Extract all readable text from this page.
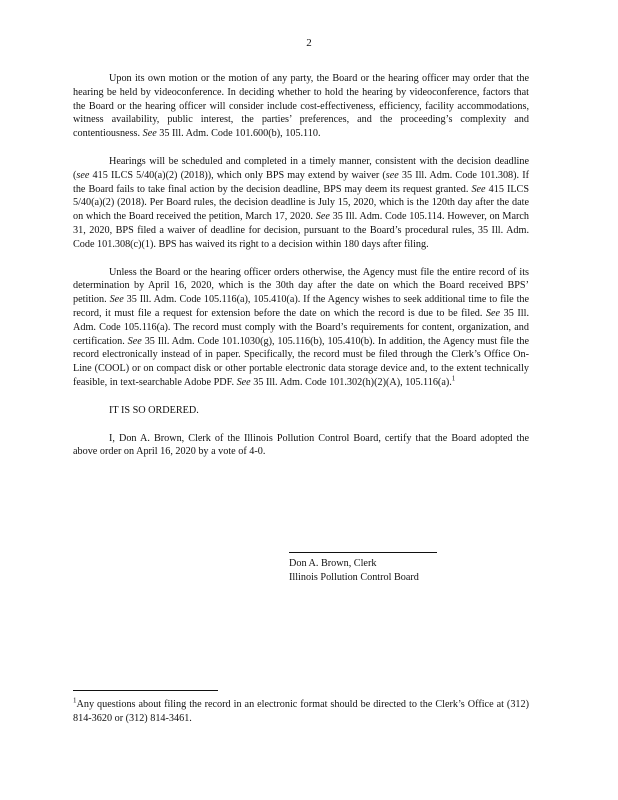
2

Upon its own motion or the motion of any party, the Board or the hearing officer may order that the hearing be held by videoconference. In deciding whether to hold the hearing by videoconference, factors that the Board or the hearing officer will consider include cost-effectiveness, efficiency, facility accommodations, witness availability, public interest, the parties’ preferences, and the proceeding’s complexity and contentiousness. See 35 Ill. Adm. Code 101.600(b), 105.110.

Hearings will be scheduled and completed in a timely manner, consistent with the decision deadline (see 415 ILCS 5/40(a)(2) (2018)), which only BPS may extend by waiver (see 35 Ill. Adm. Code 101.308). If the Board fails to take final action by the decision deadline, BPS may deem its request granted. See 415 ILCS 5/40(a)(2) (2018). Per Board rules, the decision deadline is July 15, 2020, which is the 120th day after the date on which the Board received the petition, March 17, 2020. See 35 Ill. Adm. Code 105.114. However, on March 31, 2020, BPS filed a waiver of deadline for decision, pursuant to the Board’s procedural rules, 35 Ill. Adm. Code 101.308(c)(1). BPS has waived its right to a decision within 180 days after filing.

Unless the Board or the hearing officer orders otherwise, the Agency must file the entire record of its determination by April 16, 2020, which is the 30th day after the date on which the Board received BPS’ petition. See 35 Ill. Adm. Code 105.116(a), 105.410(a). If the Agency wishes to seek additional time to file the record, it must file a request for extension before the date on which the record is due to be filed. See 35 Ill. Adm. Code 105.116(a). The record must comply with the Board’s requirements for content, organization, and certification. See 35 Ill. Adm. Code 101.1030(g), 105.116(b), 105.410(b). In addition, the Agency must file the record electronically instead of in paper. Specifically, the record must be filed through the Clerk’s Office On-Line (COOL) or on compact disk or other portable electronic data storage device and, to the extent technically feasible, in text-searchable Adobe PDF. See 35 Ill. Adm. Code 101.302(h)(2)(A), 105.116(a).$^1$

IT IS SO ORDERED.

I, Don A. Brown, Clerk of the Illinois Pollution Control Board, certify that the Board adopted the above order on April 16, 2020 by a vote of 4-0.

Don A. Brown, Clerk
Illinois Pollution Control Board
$^1$Any questions about filing the record in an electronic format should be directed to the Clerk’s Office at (312) 814-3620 or (312) 814-3461.
